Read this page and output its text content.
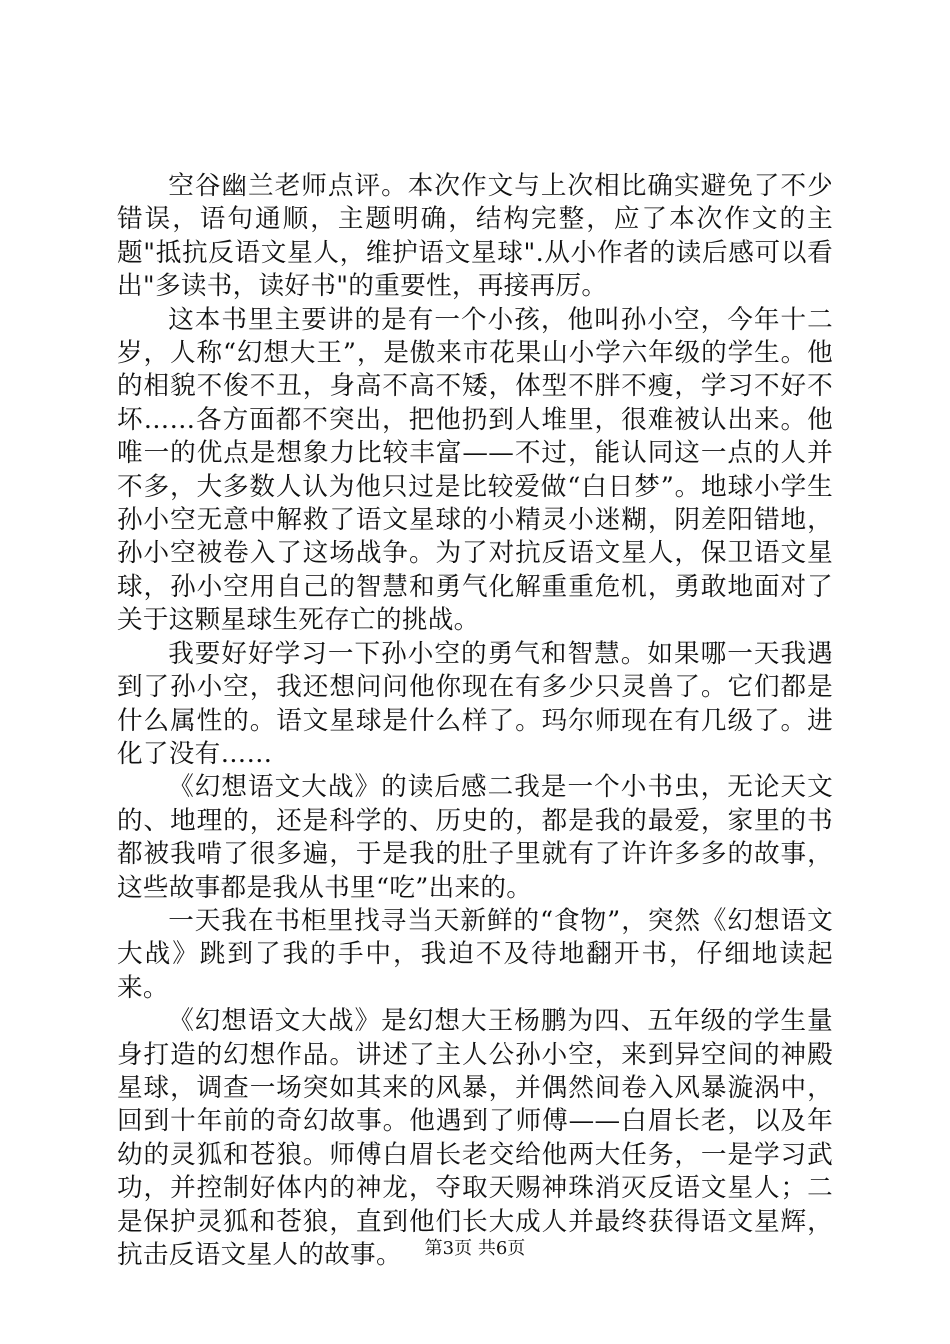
空谷幽兰老师点评。本次作文与上次相比确实避免了不少错误，语句通顺，主题明确，结构完整，应了本次作文的主题"抵抗反语文星人，维护语文星球".从小作者的读后感可以看出"多读书，读好书"的重要性，再接再厉。

这本书里主要讲的是有一个小孩，他叫孙小空，今年十二岁，人称“幻想大王”，是傲来市花果山小学六年级的学生。他的相貌不俊不丑，身高不高不矮，体型不胖不瘦，学习不好不坏……各方面都不突出，把他扔到人堆里，很难被认出来。他唯一的优点是想象力比较丰富——不过，能认同这一点的人并不多，大多数人认为他只过是比较爱做“白日梦”。地球小学生孙小空无意中解救了语文星球的小精灵小迷糊，阴差阳错地，孙小空被卷入了这场战争。为了对抗反语文星人，保卫语文星球，孙小空用自己的智慧和勇气化解重重危机，勇敢地面对了关于这颗星球生死存亡的挑战。

我要好好学习一下孙小空的勇气和智慧。如果哪一天我遇到了孙小空，我还想问问他你现在有多少只灵兽了。它们都是什么属性的。语文星球是什么样了。玛尔师现在有几级了。进化了没有……

《幻想语文大战》的读后感二我是一个小书虫，无论天文的、地理的，还是科学的、历史的，都是我的最爱，家里的书都被我啃了很多遍，于是我的肚子里就有了许许多多的故事，这些故事都是我从书里“吃”出来的。

一天我在书柜里找寻当天新鲜的“食物”，突然《幻想语文大战》跳到了我的手中，我迫不及待地翻开书，仔细地读起来。

《幻想语文大战》是幻想大王杨鹏为四、五年级的学生量身打造的幻想作品。讲述了主人公孙小空，来到异空间的神殿星球，调查一场突如其来的风暴，并偶然间卷入风暴漩涡中，回到十年前的奇幻故事。他遇到了师傅——白眉长老，以及年幼的灵狐和苍狼。师傅白眉长老交给他两大任务，一是学习武功，并控制好体内的神龙，夺取天赐神珠消灭反语文星人；二是保护灵狐和苍狼，直到他们长大成人并最终获得语文星辉，抗击反语文星人的故事。	第3页 共6页
